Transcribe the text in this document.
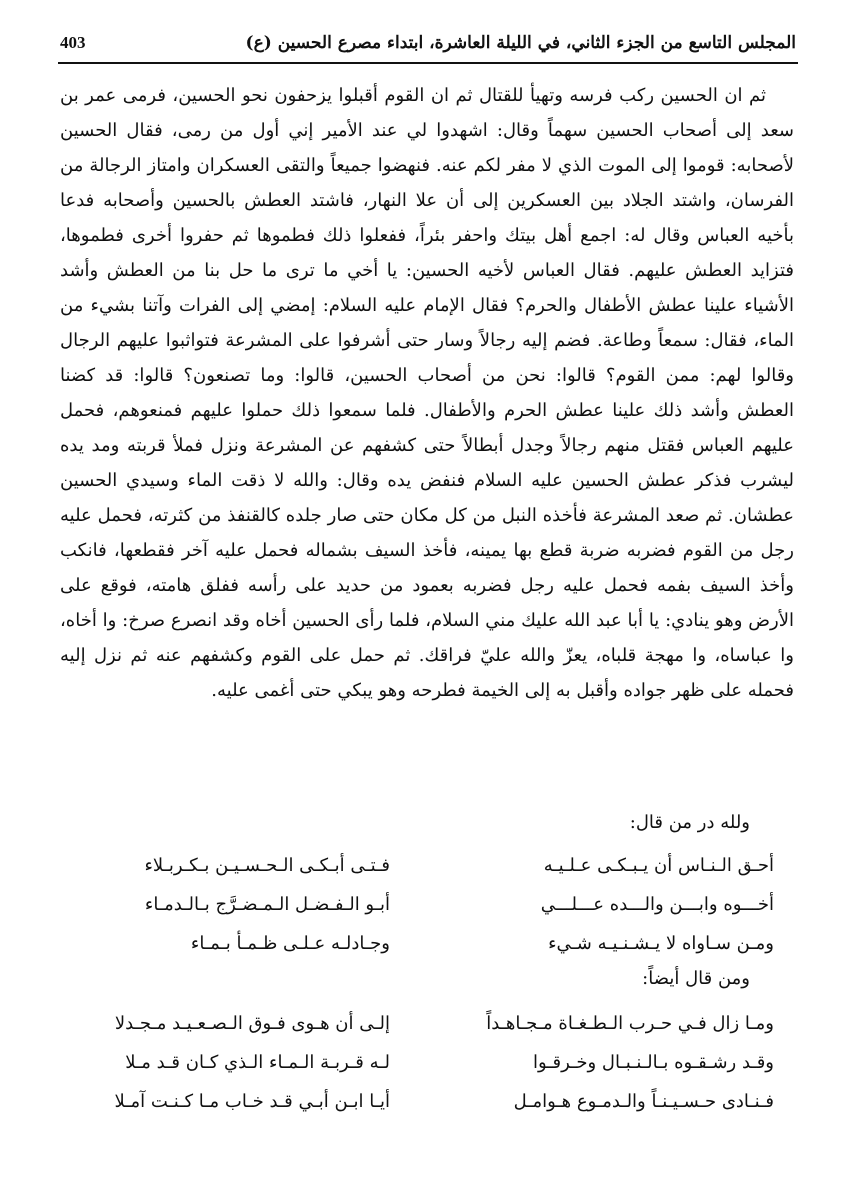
المجلس التاسع من الجزء الثاني، في الليلة العاشرة، ابتداء مصرع الحسين (ع)
403

ثم ان الحسين ركب فرسه وتهيأ للقتال ثم ان القوم أقبلوا يزحفون نحو الحسين، فرمى عمر بن سعد إلى أصحاب الحسين سهماً وقال: اشهدوا لي عند الأمير إني أول من رمى، فقال الحسين لأصحابه: قوموا إلى الموت الذي لا مفر لكم عنه. فنهضوا جميعاً والتقى العسكران وامتاز الرجالة من الفرسان، واشتد الجلاد بين العسكرين إلى أن علا النهار، فاشتد العطش بالحسين وأصحابه فدعا بأخيه العباس وقال له: اجمع أهل بيتك واحفر بئراً، ففعلوا ذلك فطموها ثم حفروا أخرى فطموها، فتزايد العطش عليهم. فقال العباس لأخيه الحسين: يا أخي ما ترى ما حل بنا من العطش وأشد الأشياء علينا عطش الأطفال والحرم؟ فقال الإمام عليه السلام: إمضي إلى الفرات وآتنا بشيء من الماء، فقال: سمعاً وطاعة. فضم إليه رجالاً وسار حتى أشرفوا على المشرعة فتواثبوا عليهم الرجال وقالوا لهم: ممن القوم؟ قالوا: نحن من أصحاب الحسين، قالوا: وما تصنعون؟ قالوا: قد كضنا العطش وأشد ذلك علينا عطش الحرم والأطفال. فلما سمعوا ذلك حملوا عليهم فمنعوهم، فحمل عليهم العباس فقتل منهم رجالاً وجدل أبطالاً حتى كشفهم عن المشرعة ونزل فملأ قربته ومد يده ليشرب فذكر عطش الحسين عليه السلام فنفض يده وقال: والله لا ذقت الماء وسيدي الحسين عطشان. ثم صعد المشرعة فأخذه النبل من كل مكان حتى صار جلده كالقنفذ من كثرته، فحمل عليه رجل من القوم فضربه ضربة قطع بها يمينه، فأخذ السيف بشماله فحمل عليه آخر فقطعها، فانكب وأخذ السيف بفمه فحمل عليه رجل فضربه بعمود من حديد على رأسه ففلق هامته، فوقع على الأرض وهو ينادي: يا أبا عبد الله عليك مني السلام، فلما رأى الحسين أخاه وقد انصرع صرخ: وا أخاه، وا عباساه، وا مهجة قلباه، يعزّ والله عليّ فراقك. ثم حمل على القوم وكشفهم عنه ثم نزل إليه فحمله على ظهر جواده وأقبل به إلى الخيمة فطرحه وهو يبكي حتى أغمى عليه.

ولله در من قال:
أحـق الـنـاس أن يـبـكـى عـلـيـه
فـتـى أبـكـى الـحـسـيـن بـكـربـلاء
أخـــوه وابـــن والـــده عـــلـــي
أبـو الـفـضـل الـمـضـرَّج بـالـدمـاء
ومـن سـاواه لا يـشـنـيـه شـيء
وجـادلـه عـلـى ظـمـأ بـمـاء
ومن قال أيضاً:
ومـا زال فـي حـرب الـطـغـاة مـجـاهـداً
إلـى أن هـوى فـوق الـصـعـيـد مـجـدلا
وقـد رشـقـوه بـالـنـبـال وخـرقـوا
لـه قـربـة الـمـاء الـذي كـان قـد مـلا
فـنـادى حـسـيـنـاً والـدمـوع هـوامـل
أيـا ابـن أبـي قـد خـاب مـا كـنـت آمـلا
